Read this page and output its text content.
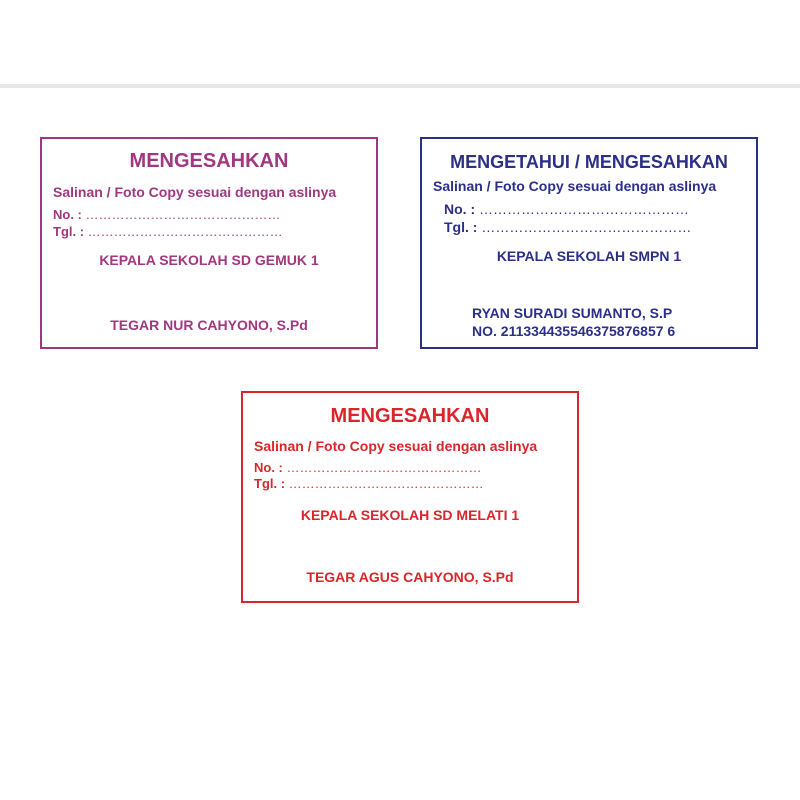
MENGESAHKAN
Salinan / Foto Copy sesuai dengan aslinya
No. : ………………………………………
Tgl. : ………………………………………
KEPALA SEKOLAH SD GEMUK 1
TEGAR NUR CAHYONO, S.Pd
MENGETAHUI / MENGESAHKAN
Salinan / Foto Copy sesuai dengan aslinya
No. : ………………………………………
Tgl. : ………………………………………
KEPALA SEKOLAH SMPN 1
RYAN SURADI SUMANTO, S.P
NO. 211334435546375876857 6
MENGESAHKAN
Salinan / Foto Copy sesuai dengan aslinya
No. : ………………………………………
Tgl. : ………………………………………
KEPALA SEKOLAH SD MELATI 1
TEGAR AGUS CAHYONO, S.Pd
